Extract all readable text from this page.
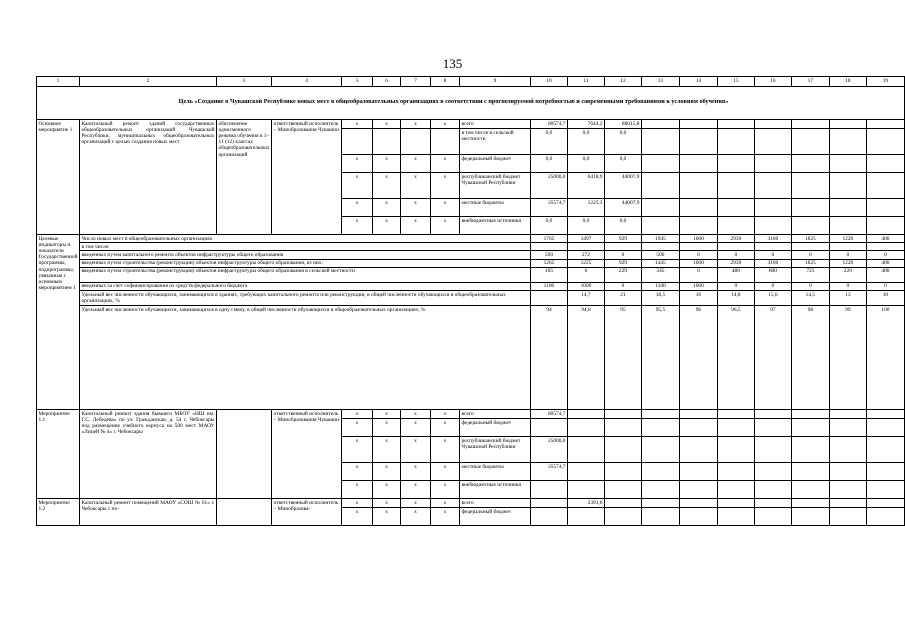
135
Цель «Создание в Чувашской Республике новых мест в общеобразовательных организациях в соответствии с прогнозируемой потребностью и современными требованиями к условиям обучения»
1	2	3	4	5	6	7	8	9	10	11	12	13	14	15	16	17	18	19

Основное мероприятие 1	Капитальный ремонт зданий государственных общеобразовательных организаций Чувашской Республики, муниципальных общеобразовательных организаций с целью создания новых мест	обеспечение односменного режима обучения в 1–11 (12) классах общеобразовательных организаций	ответственный исполнитель – Минобразования Чувашии	х	х	х	х	всего	60574,7	7644,2	88015,8							
								в том числе в сельской местности	0,0	0,0	0,0							
				х	х	х	х	федеральный бюджет	0,0	0,0	0,0							
				х	х	х	х	республиканский бюджет Чувашской Республики	25000,0	6418,9	44007,9							
				х	х	х	х	местные бюджеты	35574,7	1225,3	44007,9							
				х	х	х	х	внебюджетные источники	0,0	0,0	0,0							
Целевые индикаторы и показатели Государственной программы, подпрограммы, увязанные с основным мероприятием 1	Число новых мест в общеобразовательных организациях								1765	1497	929	1945	1600	2930	3100	1825	1220	400
	в том числе:																	
	введенных путем капитального ремонта объектов инфраструктуры общего образования								500	272	0	500	0	0	0	0	0	0
	введенных путем строительства (реконструкции) объектов инфраструктуры общего образования, из них:								1265	1225	929	1445	1600	2930	3100	1825	1220	400
	введенных путем строительства (реконструкции) объектов инфраструктуры общего образования в сельской местности								165	0	229	345	0	480	600	725	220	400
	введенных за счет софинансирования из средств федерального бюджета								1100	1000	0	1100	1600	0	0	0	0	0
	Удельный вес численности обучающихся, занимающихся в зданиях, требующих капитального ремонта или реконструкции, в общей численности обучающихся в общеобразовательных организациях, %									14,7	21	18,5	16	14,8	15,6	14,5	13	10
	Удельный вес численности обучающихся, занимающихся в одну смену, в общей численности обучающихся в общеобразовательных организациях, %								94	94,8	95	95,5	96	96,5	97	98	99	100
Мероприятие 1.1	Капитальный ремонт здания бывшего МБОУ «НШ им. Г.С. Лебедева» по ул. Гражданская, д. 54 г. Чебоксары под размещение учебного корпуса на 500 мест МАОУ «Лицей № 4» г. Чебоксары		ответственный исполнитель – Минобразования Чувашии	х	х	х	х	всего	60574,7									
				х	х	х	х	федеральный бюджет										
				х	х	х	х	республиканский бюджет Чувашской Республики	25000,0									
				х	х	х	х	местные бюджеты	35574,7									
				х	х	х	х	внебюджетные источники										
Мероприятие 1.2	Капитальный ремонт помещений МАОУ «СОШ № 61» г. Чебоксары с по-		ответственный исполнитель – Минобразова-	х	х	х	х	всего		2391,6								
				х	х	х	х	федеральный бюджет										
